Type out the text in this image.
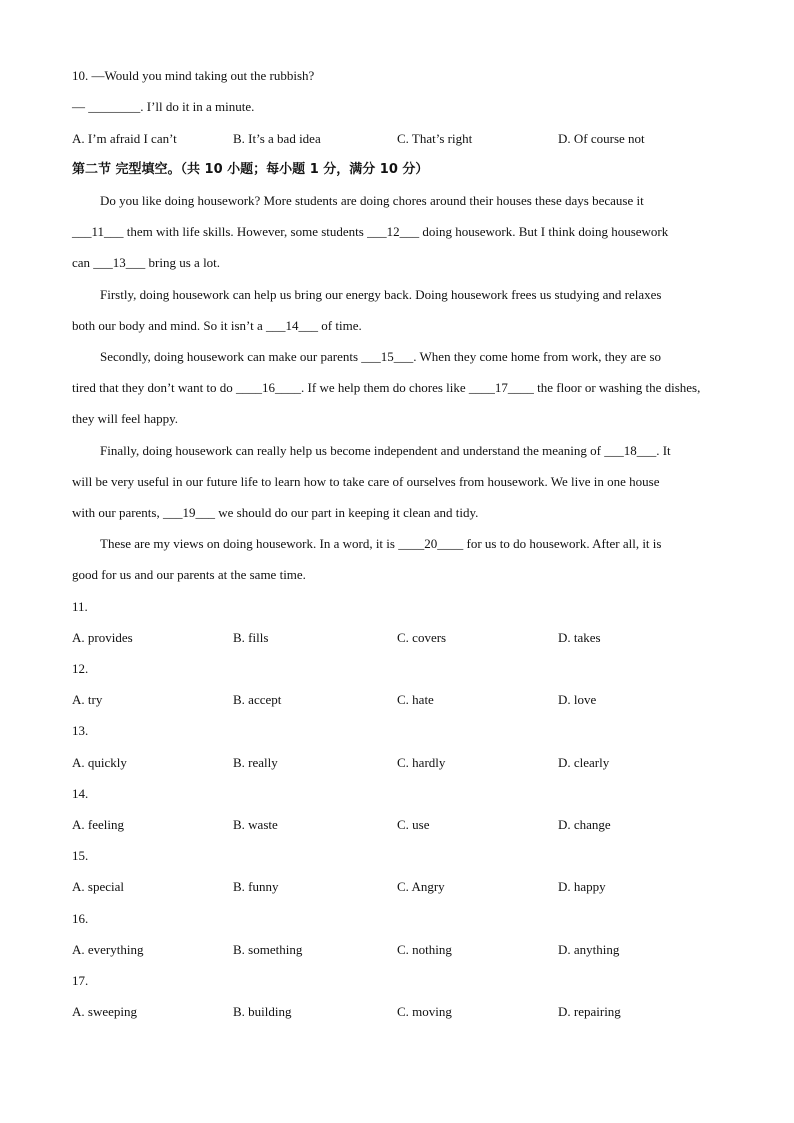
10. —Would you mind taking out the rubbish?
— ________. I’ll do it in a minute.
A. I’m afraid I can’t	B. It’s a bad idea	C. That’s right	D. Of course not
第二节 完型填空。（共 10 小题；每小题 1 分，满分 10 分）
Do you like doing housework? More students are doing chores around their houses these days because it
___11___ them with life skills. However, some students ___12___ doing housework. But I think doing housework
can ___13___ bring us a lot.
Firstly, doing housework can help us bring our energy back. Doing housework frees us studying and relaxes
both our body and mind. So it isn’t a ___14___ of time.
Secondly, doing housework can make our parents ___15___. When they come home from work, they are so
tired that they don’t want to do ____16____. If we help them do chores like ____17____ the floor or washing the dishes,
they will feel happy.
Finally, doing housework can really help us become independent and understand the meaning of ___18___. It
will be very useful in our future life to learn how to take care of ourselves from housework. We live in one house
with our parents, ___19___ we should do our part in keeping it clean and tidy.
These are my views on doing housework. In a word, it is ____20____ for us to do housework. After all, it is
good for us and our parents at the same time.
11.
A. provides	B. fills	C. covers	D. takes
12.
A. try	B. accept	C. hate	D. love
13.
A. quickly	B. really	C. hardly	D. clearly
14.
A. feeling	B. waste	C. use	D. change
15.
A. special	B. funny	C. Angry	D. happy
16.
A. everything	B. something	C. nothing	D. anything
17.
A. sweeping	B. building	C. moving	D. repairing
